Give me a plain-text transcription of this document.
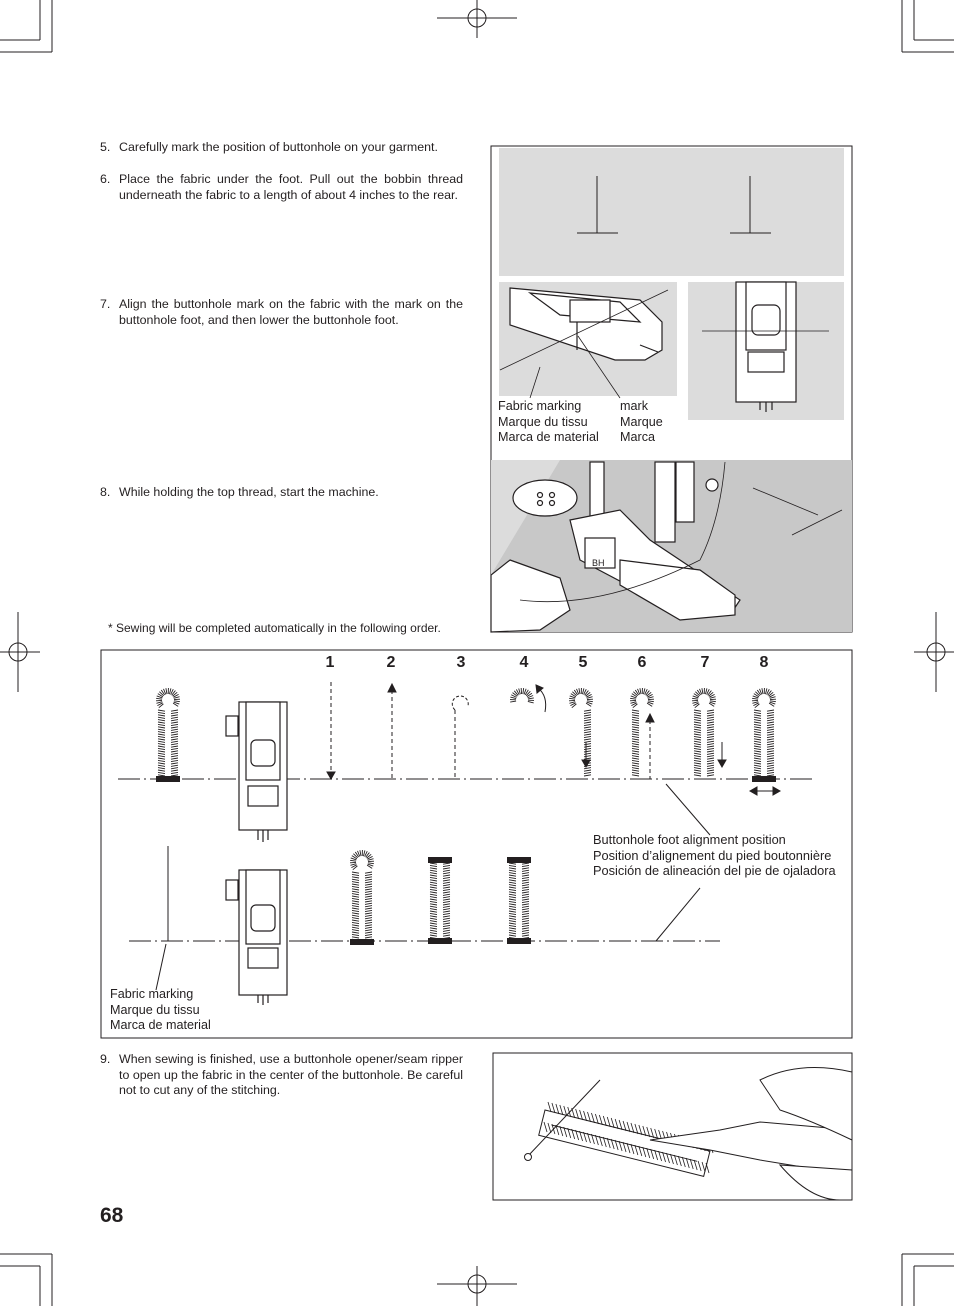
5. Carefully mark the position of buttonhole on your garment.
6. Place the fabric under the foot. Pull out the bobbin thread underneath the fabric to a length of about 4 inches to the rear.
7. Align the buttonhole mark on the fabric with the mark on the buttonhole foot, and then lower the buttonhole foot.
8. While holding the top thread, start the machine.
9. When sewing is finished, use a buttonhole opener/seam ripper to open up the fabric in the center of the buttonhole. Be careful not to cut any of the stitching.
* Sewing will be completed automatically in the following order.
BH
Fabric marking
Marque du tissu
Marca de material
mark
Marque
Marca
1	2	3	4	5	6	7	8
Buttonhole foot alignment position
Position d’alignement du pied boutonnière
Posición de alineación del pie de ojaladora
Fabric marking
Marque du tissu
Marca de material
68
